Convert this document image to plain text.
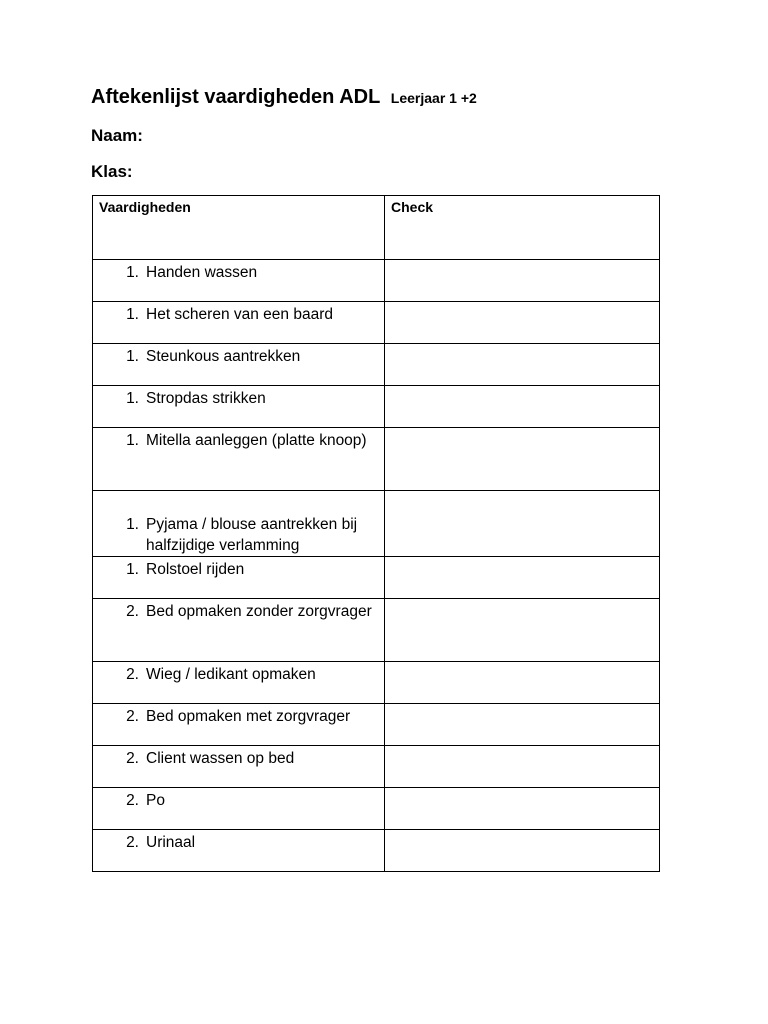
Aftekenlijst vaardigheden ADL Leerjaar 1 +2
Naam:
Klas:
Vaardigheden	Check

1. Handen wassen	

1. Het scheren van een baard	

1. Steunkous aantrekken	

1. Stropdas strikken	

1. Mitella aanleggen (platte knoop)	

1. Pyjama / blouse aantrekken bij halfzijdige verlamming	

1. Rolstoel rijden	

2. Bed opmaken zonder zorgvrager	

2. Wieg / ledikant opmaken	

2. Bed opmaken met zorgvrager	

2. Client wassen op bed	

2. Po	

2. Urinaal	
